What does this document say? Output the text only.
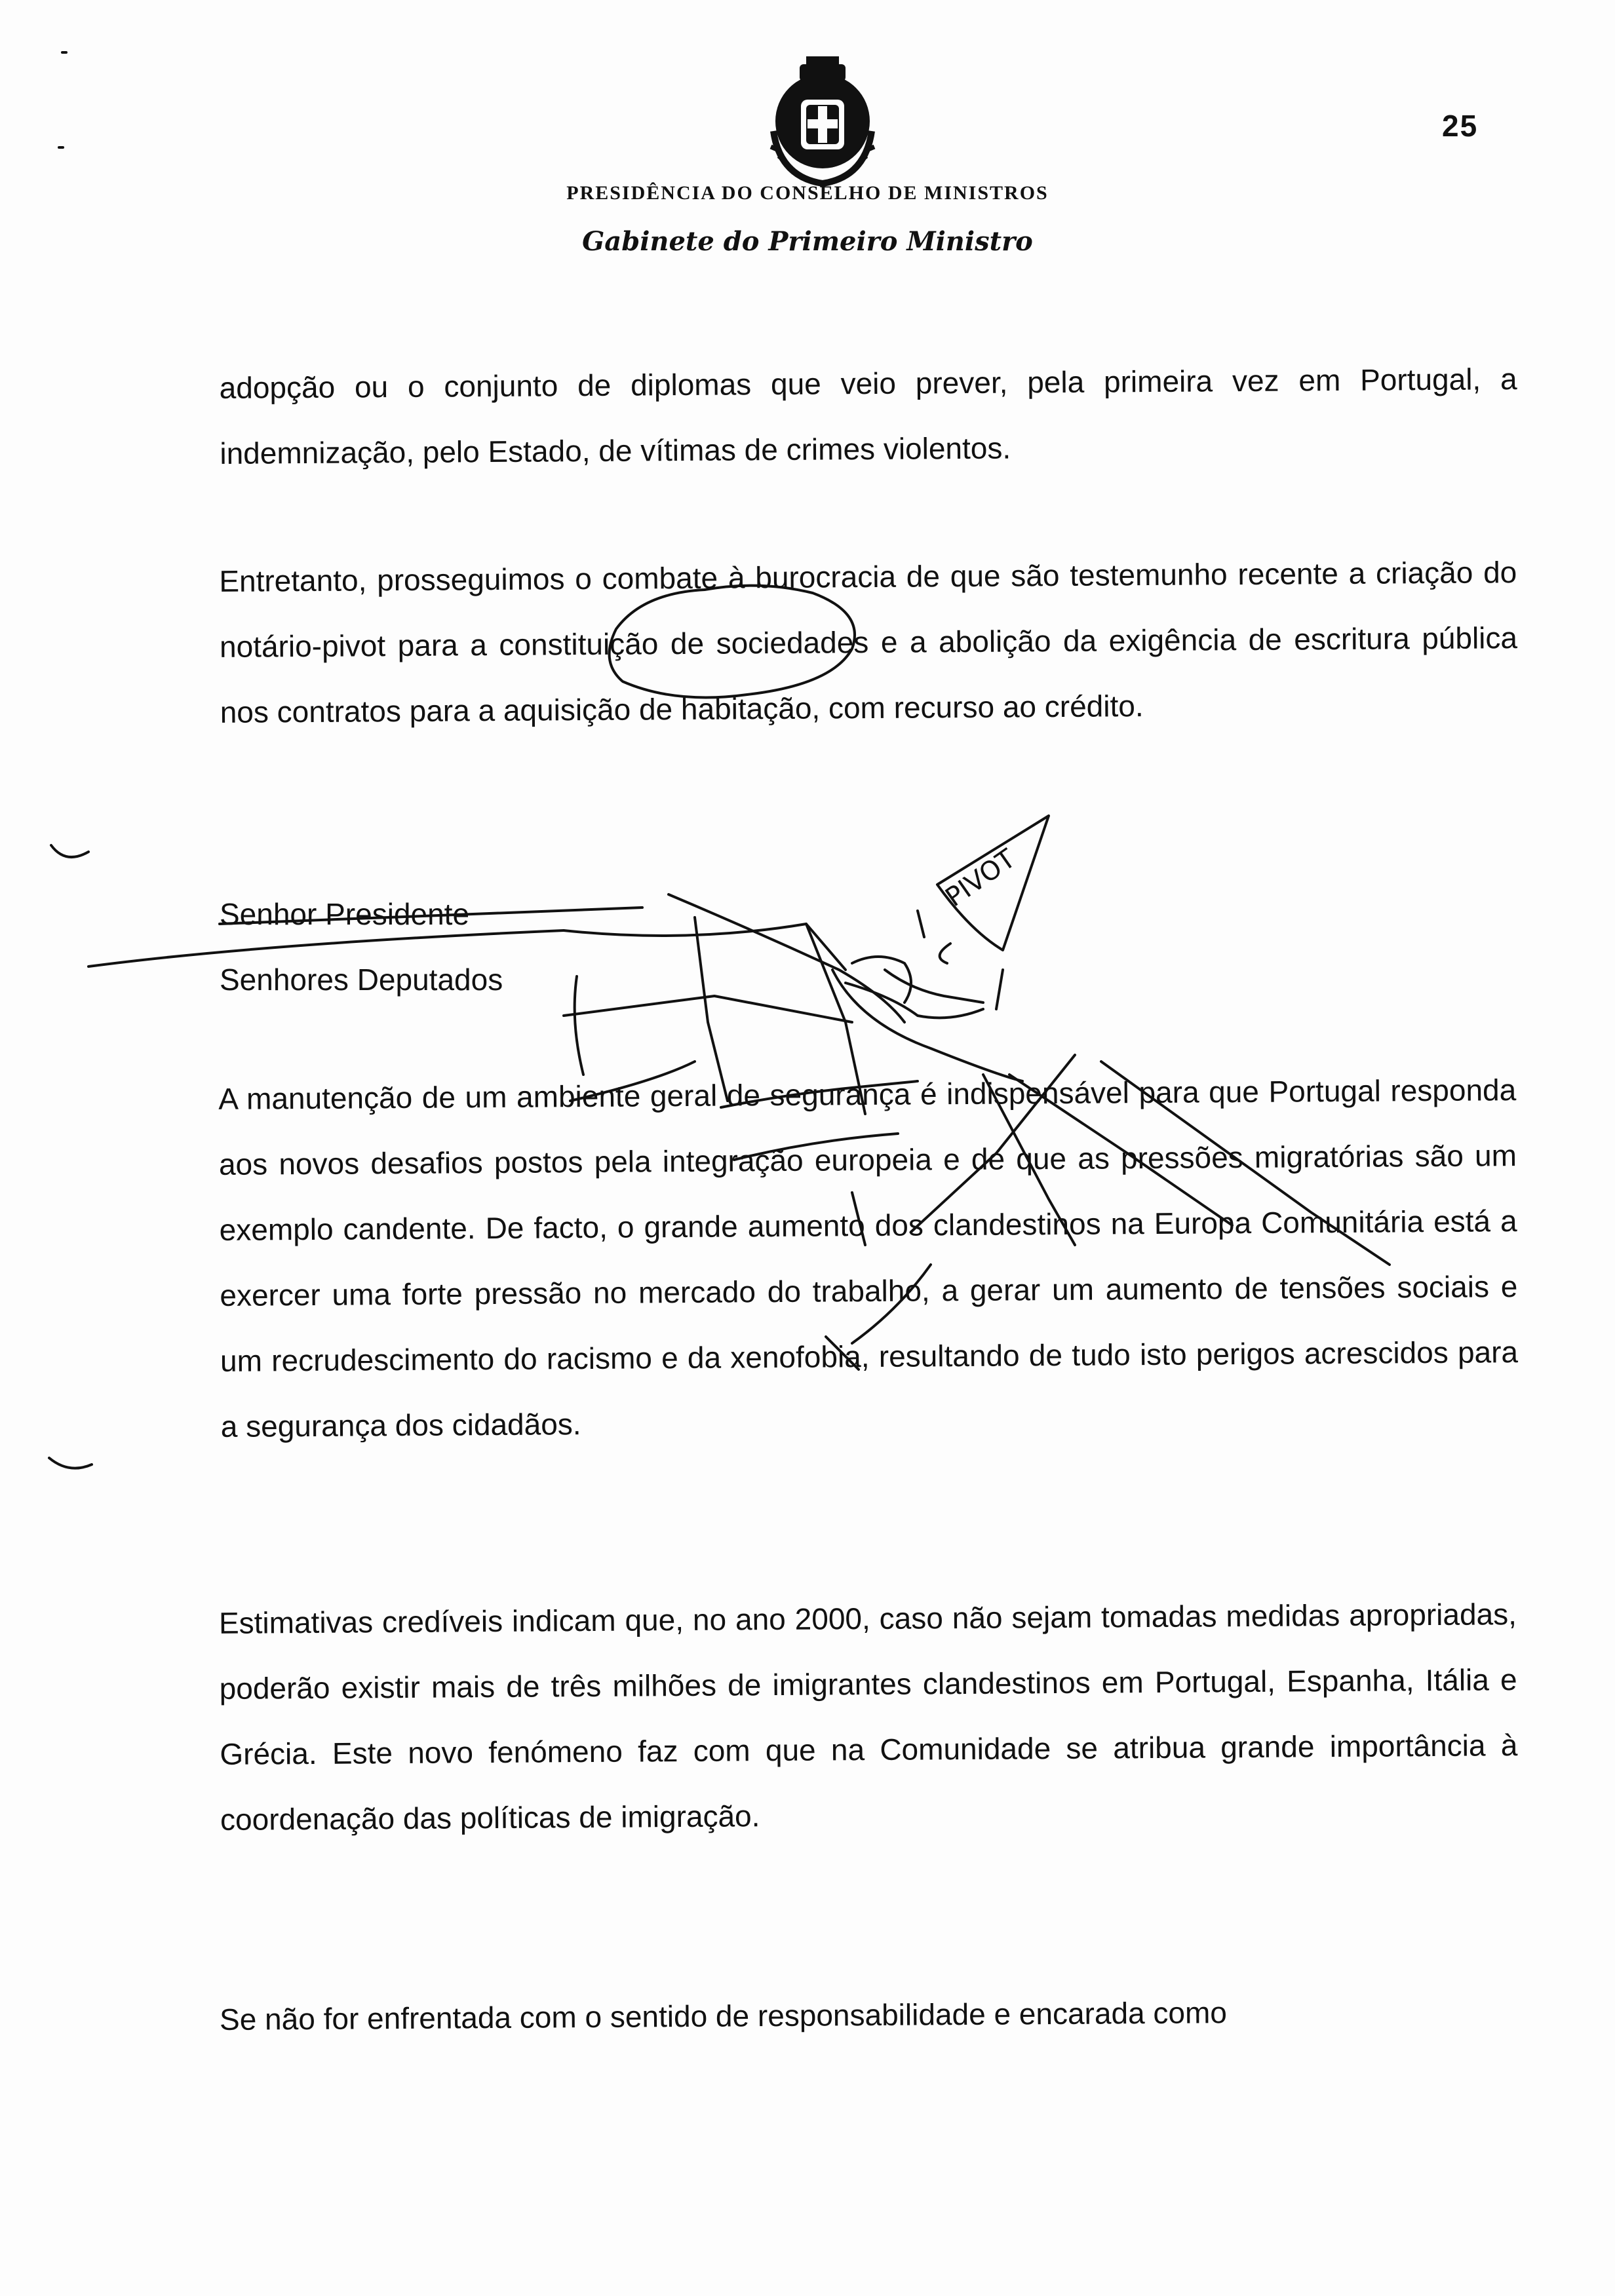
25
PRESIDÊNCIA DO CONSELHO DE MINISTROS
Gabinete do Primeiro Ministro
adopção ou o conjunto de diplomas que veio prever, pela primeira vez em Portugal, a indemnização, pelo Estado, de vítimas de crimes violentos.
Entretanto, prosseguimos o combate à burocracia de que são testemunho recente a criação do notário-pivot para a constituição de sociedades e a abolição da exigência de escritura pública nos contratos para a aquisição de habitação, com recurso ao crédito.
Senhor Presidente
Senhores Deputados
A manutenção de um ambiente geral de segurança é indispensável para que Portugal responda aos novos desafios postos pela integração europeia e de que as pressões migratórias são um exemplo candente. De facto, o grande aumento dos clandestinos na Europa Comunitária está a exercer uma forte pressão no mercado do trabalho, a gerar um aumento de tensões sociais e um recrudescimento do racismo e da xenofobia, resultando de tudo isto perigos acrescidos para a segurança dos cidadãos.
Estimativas credíveis indicam que, no ano 2000, caso não sejam tomadas medidas apropriadas, poderão existir mais de três milhões de imigrantes clandestinos em Portugal, Espanha, Itália e Grécia. Este novo fenómeno faz com que na Comunidade se atribua grande importância à coordenação das políticas de imigração.
Se não for enfrentada com o sentido de responsabilidade e encarada como
PIVOT
